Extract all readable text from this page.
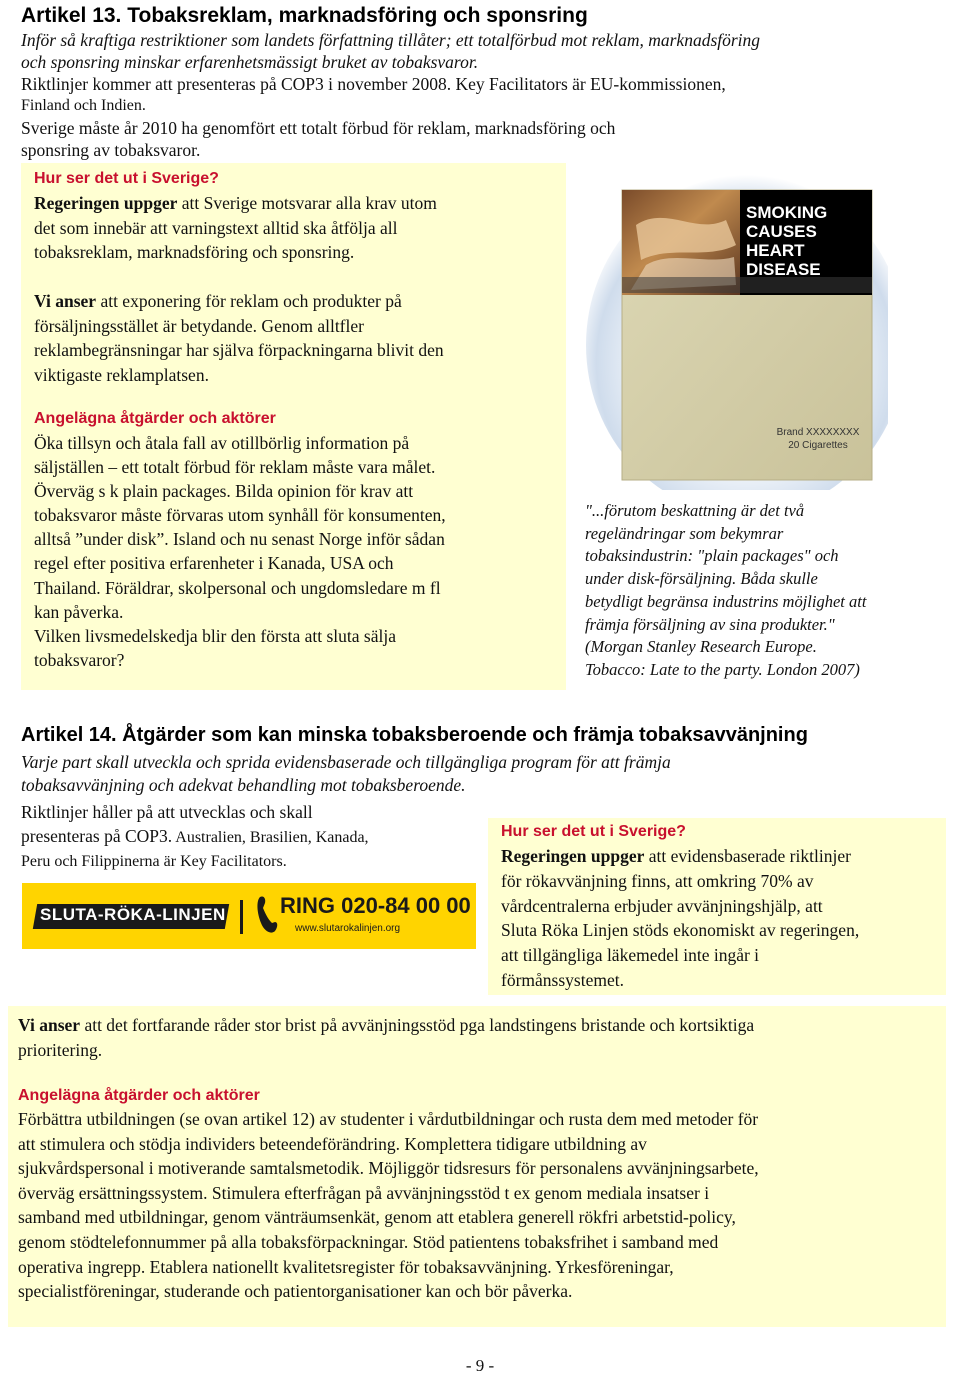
Artikel 13. Tobaksreklam, marknadsföring och sponsring
Inför så kraftiga restriktioner som landets författning tillåter; ett totalförbud mot reklam, marknadsföring
och sponsring minskar erfarenhetsmässigt bruket av tobaksvaror.
Riktlinjer kommer att presenteras på COP3 i november 2008. Key Facilitators är EU-kommissionen,
Finland och Indien.
Sverige måste år 2010 ha genomfört ett totalt förbud för reklam, marknadsföring och
sponsring av tobaksvaror.
Hur ser det ut i Sverige?
Regeringen uppger att Sverige motsvarar alla krav utom
det som innebär att varningstext alltid ska åtfölja all
tobaksreklam, marknadsföring och sponsring.
Vi anser att exponering för reklam och produkter på
försäljningsstället är betydande. Genom alltfler
reklambegränsningar har själva förpackningarna blivit den
viktigaste reklamplatsen.
Angelägna åtgärder och aktörer
Öka tillsyn och åtala fall av otillbörlig information på
säljställen – ett totalt förbud för reklam måste vara målet.
Överväg s k plain packages. Bilda opinion för krav att
tobaksvaror måste förvaras utom synhåll för konsumenten,
alltså ”under disk”. Island och nu senast Norge inför sådan
regel efter positiva erfarenheter i Kanada, USA och
Thailand. Föräldrar, skolpersonal och ungdomsledare m fl
kan påverka.
Vilken livsmedelskedja blir den första att sluta sälja
tobaksvaror?
Brand XXXXXXXX
20 Cigarettes
SMOKING
CAUSES
HEART
DISEASE
"...förutom beskattning är det två
regeländringar som bekymrar
tobaksindustrin: "plain packages" och
under disk-försäljning. Båda skulle
betydligt begränsa industrins möjlighet att
främja försäljning av sina produkter."
(Morgan Stanley Research Europe.
Tobacco: Late to the party. London 2007)
Artikel 14. Åtgärder som kan minska tobaksberoende och främja tobaksavvänjning
Varje part skall utveckla och sprida evidensbaserade och tillgängliga program för att främja
tobaksavvänjning och adekvat behandling mot tobaksberoende.
Riktlinjer håller på att utvecklas och skall
presenteras på COP3. Australien, Brasilien, Kanada,
Peru och Filippinerna är Key Facilitators.
SLUTA-RÖKA-LINJEN RING 020-84 00 00
www.slutarokalinjen.org
Hur ser det ut i Sverige?
Regeringen uppger att evidensbaserade riktlinjer
för rökavvänjning finns, att omkring 70% av
vårdcentralerna erbjuder avvänjningshjälp, att
Sluta Röka Linjen stöds ekonomiskt av regeringen,
att tillgängliga läkemedel inte ingår i
förmånssystemet.
Vi anser att det fortfarande råder stor brist på avvänjningsstöd pga landstingens bristande och kortsiktiga
prioritering.
Angelägna åtgärder och aktörer
Förbättra utbildningen (se ovan artikel 12) av studenter i vårdutbildningar och rusta dem med metoder för
att stimulera och stödja individers beteendeförändring. Komplettera tidigare utbildning av
sjukvårdspersonal i motiverande samtalsmetodik. Möjliggör tidsresurs för personalens avvänjningsarbete,
överväg ersättningssystem. Stimulera efterfrågan på avvänjningsstöd t ex genom mediala insatser i
samband med utbildningar, genom vänträumsenkät, genom att etablera generell rökfri arbetstid-policy,
genom stödtelefonnummer på alla tobaksförpackningar. Stöd patientens tobaksfrihet i samband med
operativa ingrepp. Etablera nationellt kvalitetsregister för tobaksavvänjning. Yrkesföreningar,
specialistföreningar, studerande och patientorganisationer kan och bör påverka.
- 9 -
